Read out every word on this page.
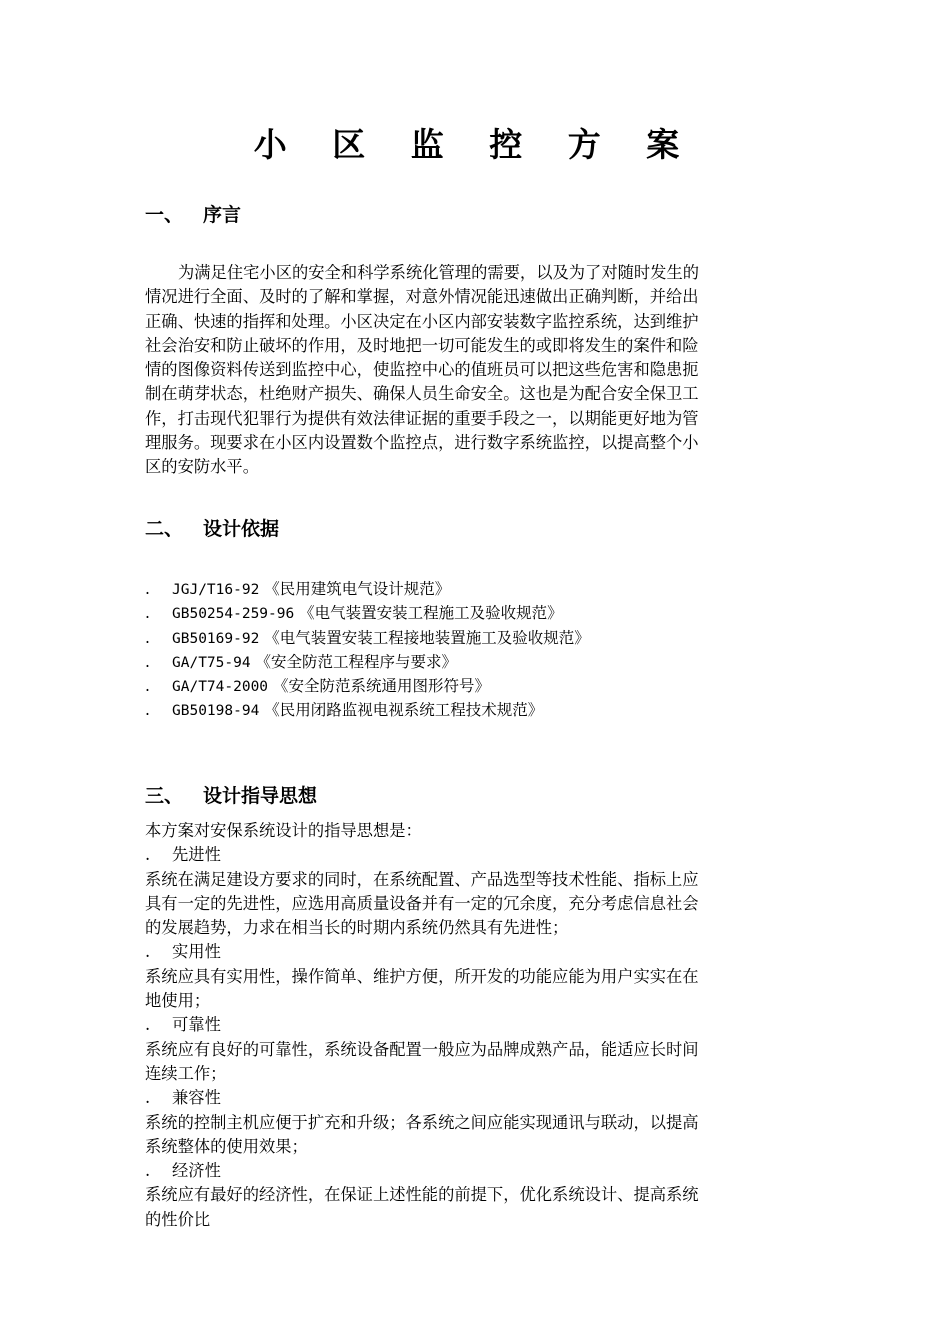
小 区 监 控 方 案
一、 序言
为满足住宅小区的安全和科学系统化管理的需要，以及为了对随时发生的
情况进行全面、及时的了解和掌握，对意外情况能迅速做出正确判断，并给出
正确、快速的指挥和处理。小区决定在小区内部安装数字监控系统，达到维护
社会治安和防止破坏的作用，及时地把一切可能发生的或即将发生的案件和险
情的图像资料传送到监控中心，使监控中心的值班员可以把这些危害和隐患扼
制在萌芽状态，杜绝财产损失、确保人员生命安全。这也是为配合安全保卫工
作，打击现代犯罪行为提供有效法律证据的重要手段之一，以期能更好地为管
理服务。现要求在小区内设置数个监控点，进行数字系统监控，以提高整个小
区的安防水平。
二、 设计依据
. JGJ/T16-92 《民用建筑电气设计规范》
. GB50254-259-96 《电气装置安装工程施工及验收规范》
. GB50169-92 《电气装置安装工程接地装置施工及验收规范》
. GA/T75-94 《安全防范工程程序与要求》
. GA/T74-2000 《安全防范系统通用图形符号》
. GB50198-94 《民用闭路监视电视系统工程技术规范》
三、 设计指导思想
本方案对安保系统设计的指导思想是：
. 先进性
系统在满足建设方要求的同时，在系统配置、产品选型等技术性能、指标上应
具有一定的先进性，应选用高质量设备并有一定的冗余度，充分考虑信息社会
的发展趋势，力求在相当长的时期内系统仍然具有先进性；
. 实用性
系统应具有实用性，操作简单、维护方便，所开发的功能应能为用户实实在在
地使用；
. 可靠性
系统应有良好的可靠性，系统设备配置一般应为品牌成熟产品，能适应长时间
连续工作；
. 兼容性
系统的控制主机应便于扩充和升级；各系统之间应能实现通讯与联动，以提高
系统整体的使用效果；
. 经济性
系统应有最好的经济性，在保证上述性能的前提下，优化系统设计、提高系统
的性价比
